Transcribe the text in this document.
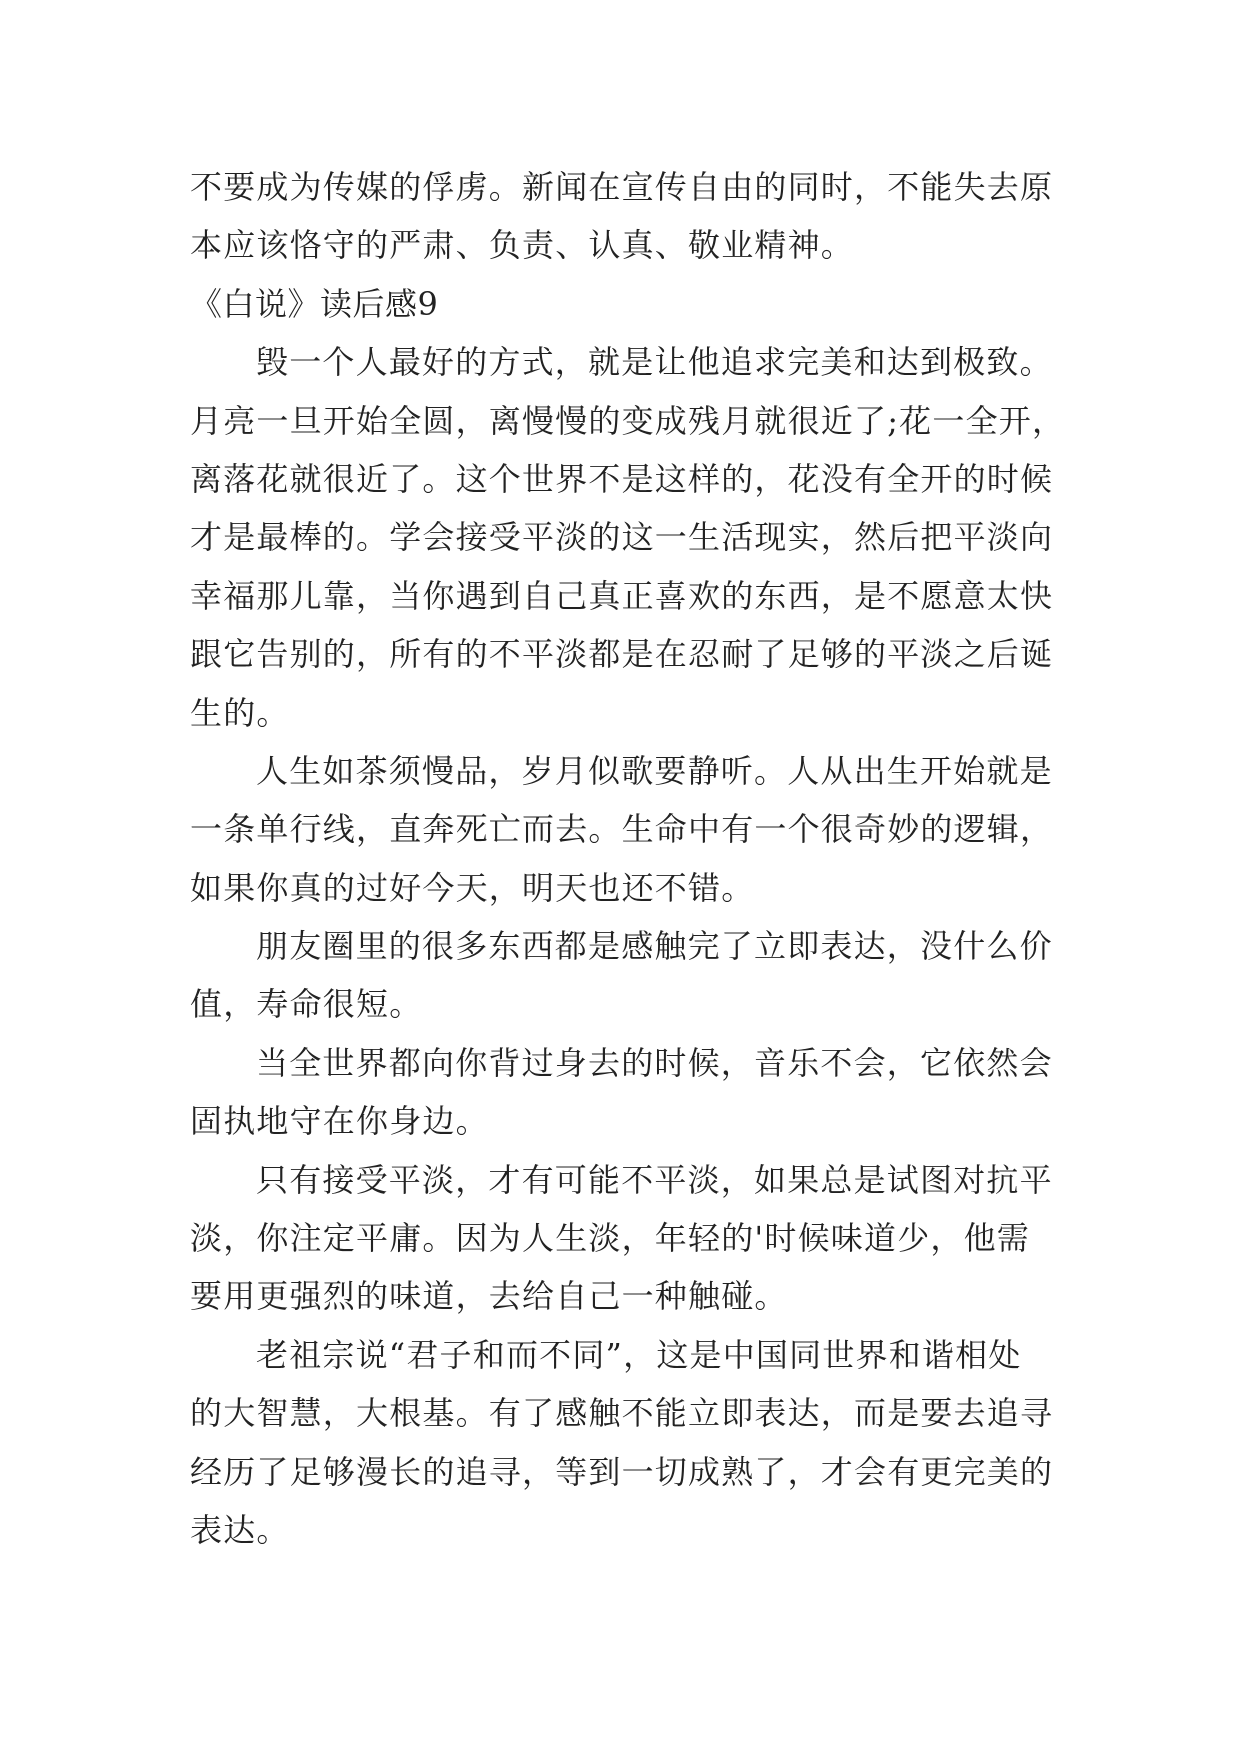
不要成为传媒的俘虏。新闻在宣传自由的同时，不能失去原
本应该恪守的严肃、负责、认真、敬业精神。
《白说》读后感9
毁一个人最好的方式，就是让他追求完美和达到极致。
月亮一旦开始全圆，离慢慢的变成残月就很近了;花一全开，
离落花就很近了。这个世界不是这样的，花没有全开的时候
才是最棒的。学会接受平淡的这一生活现实，然后把平淡向
幸福那儿靠，当你遇到自己真正喜欢的东西，是不愿意太快
跟它告别的，所有的不平淡都是在忍耐了足够的平淡之后诞
生的。
人生如茶须慢品，岁月似歌要静听。人从出生开始就是
一条单行线，直奔死亡而去。生命中有一个很奇妙的逻辑，
如果你真的过好今天，明天也还不错。
朋友圈里的很多东西都是感触完了立即表达，没什么价
值，寿命很短。
当全世界都向你背过身去的时候，音乐不会，它依然会
固执地守在你身边。
只有接受平淡，才有可能不平淡，如果总是试图对抗平
淡，你注定平庸。因为人生淡，年轻的'时候味道少，他需
要用更强烈的味道，去给自己一种触碰。
老祖宗说“君子和而不同”，这是中国同世界和谐相处
的大智慧，大根基。有了感触不能立即表达，而是要去追寻
经历了足够漫长的追寻，等到一切成熟了，才会有更完美的
表达。
